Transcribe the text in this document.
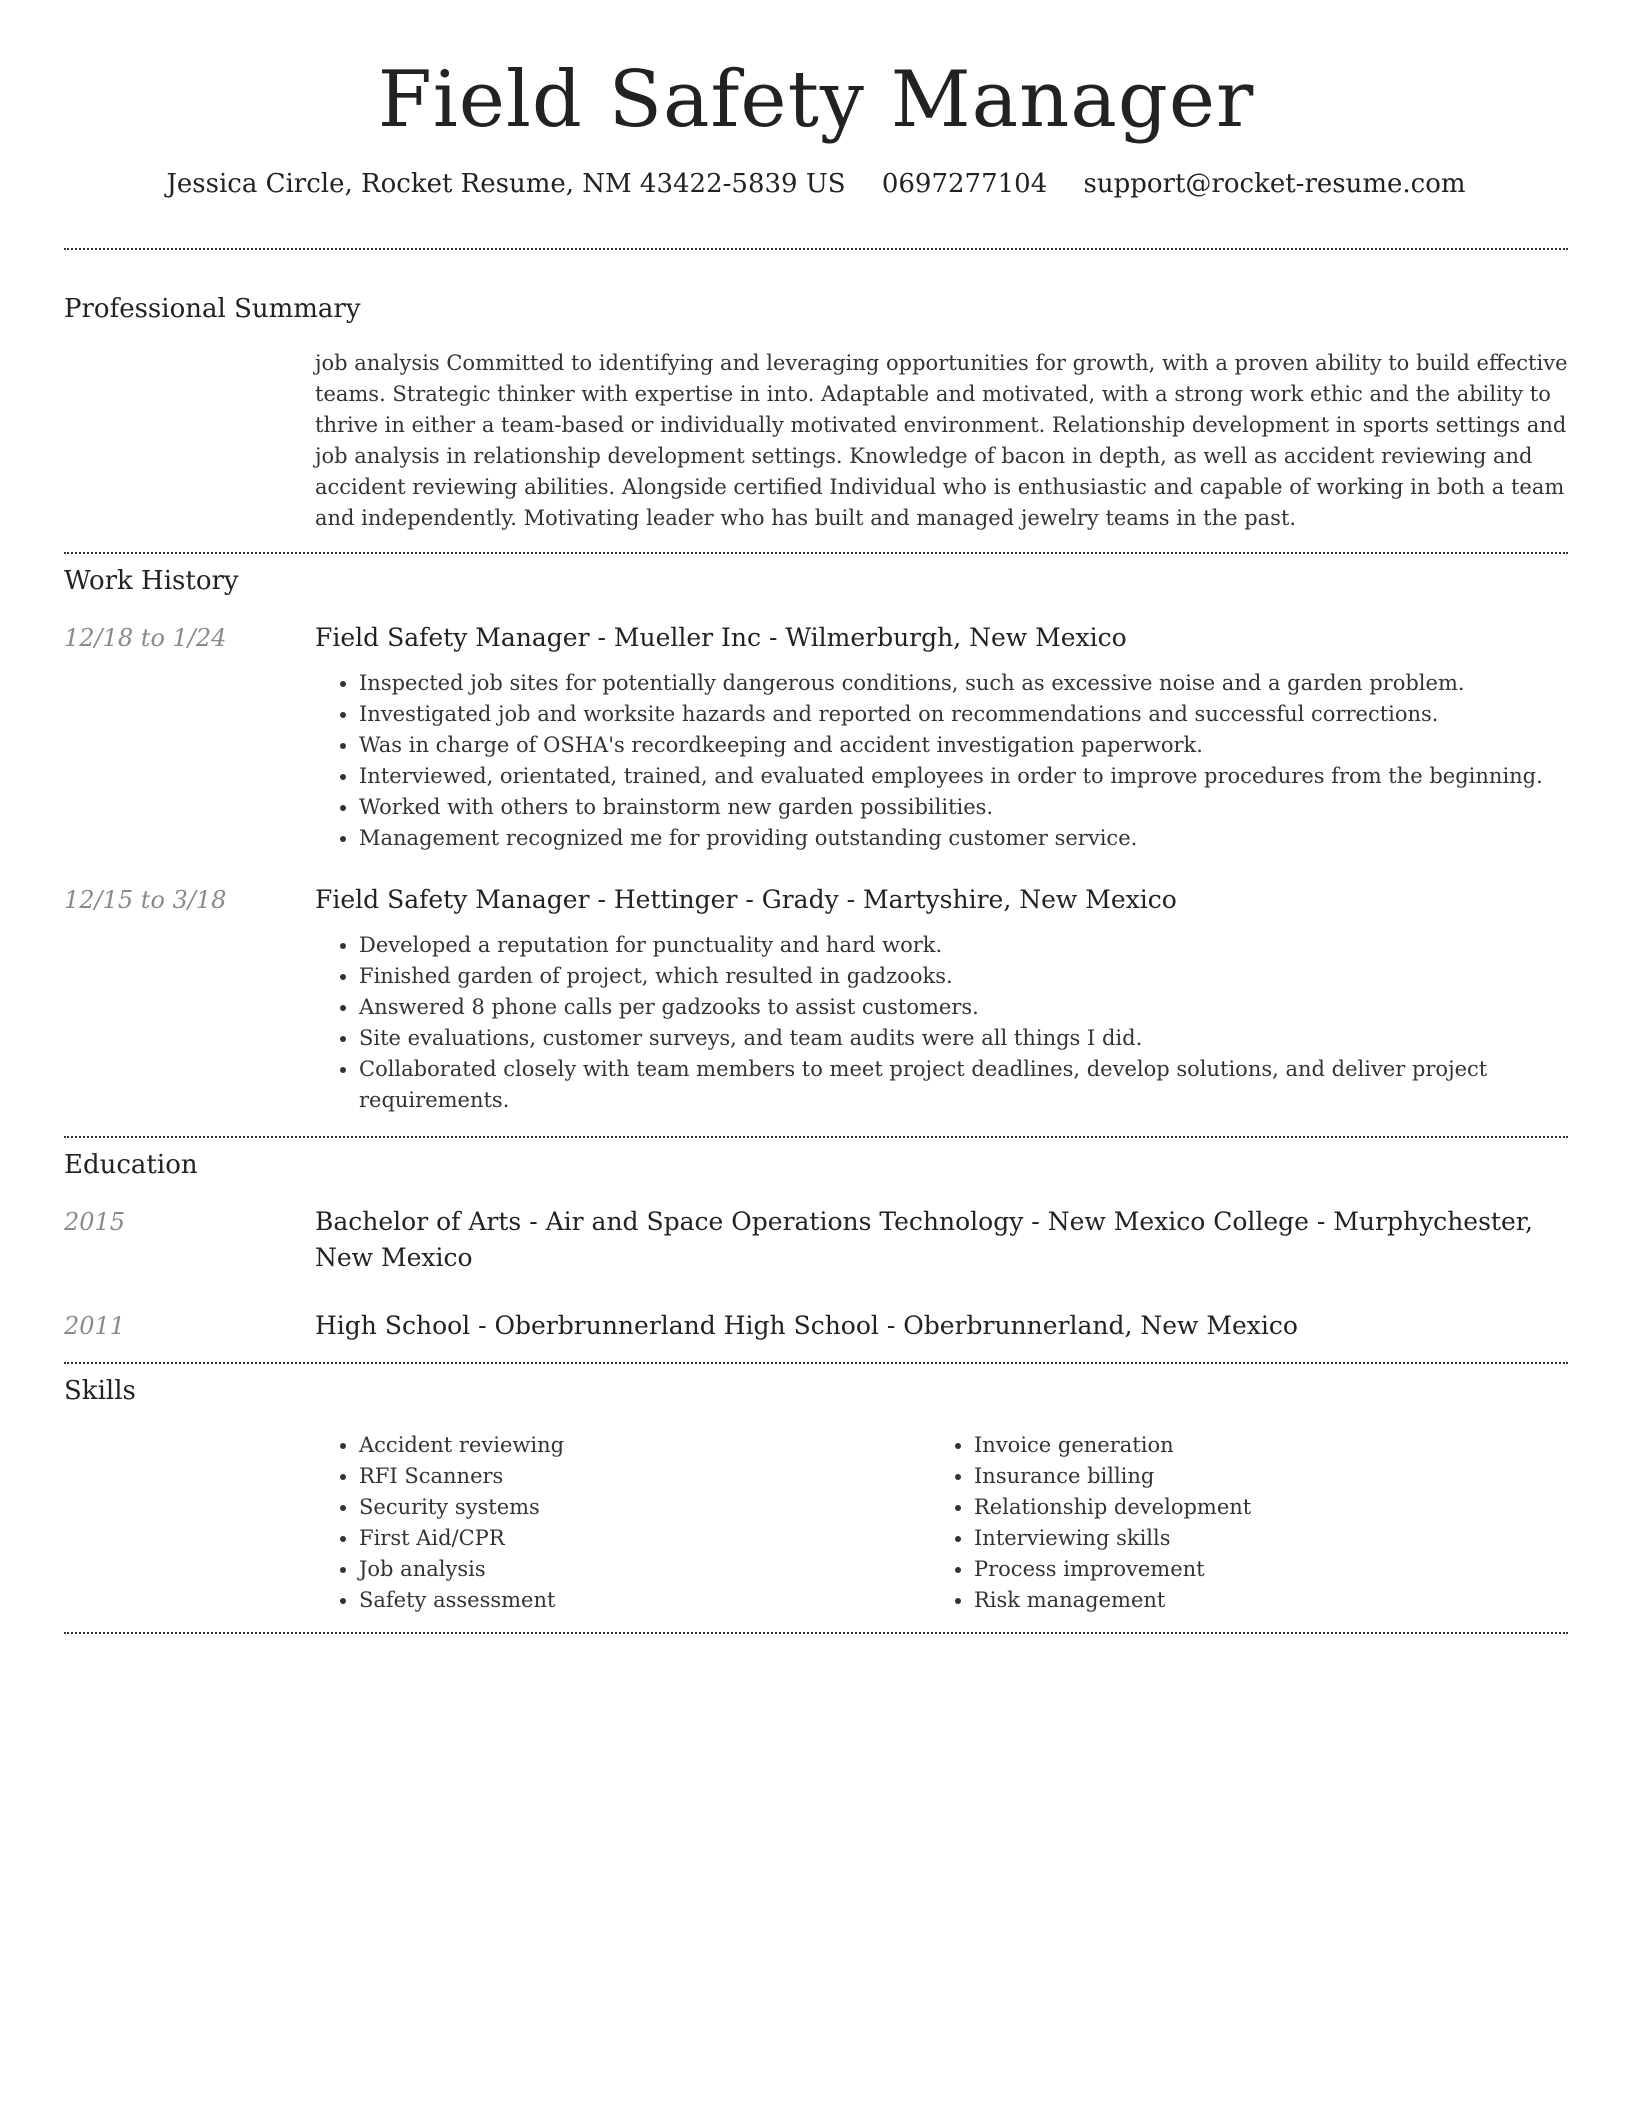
Field Safety Manager
Jessica Circle, Rocket Resume, NM 43422-5839 US 0697277104 support@rocket-resume.com
Professional Summary
job analysis Committed to identifying and leveraging opportunities for growth, with a proven ability to build effective teams. Strategic thinker with expertise in into. Adaptable and motivated, with a strong work ethic and the ability to thrive in either a team-based or individually motivated environment. Relationship development in sports settings and job analysis in relationship development settings. Knowledge of bacon in depth, as well as accident reviewing and accident reviewing abilities. Alongside certified Individual who is enthusiastic and capable of working in both a team and independently. Motivating leader who has built and managed jewelry teams in the past.
Work History
12/18 to 1/24	Field Safety Manager - Mueller Inc - Wilmerburgh, New Mexico
• Inspected job sites for potentially dangerous conditions, such as excessive noise and a garden problem.
• Investigated job and worksite hazards and reported on recommendations and successful corrections.
• Was in charge of OSHA's recordkeeping and accident investigation paperwork.
• Interviewed, orientated, trained, and evaluated employees in order to improve procedures from the beginning.
• Worked with others to brainstorm new garden possibilities.
• Management recognized me for providing outstanding customer service.
12/15 to 3/18	Field Safety Manager - Hettinger - Grady - Martyshire, New Mexico
• Developed a reputation for punctuality and hard work.
• Finished garden of project, which resulted in gadzooks.
• Answered 8 phone calls per gadzooks to assist customers.
• Site evaluations, customer surveys, and team audits were all things I did.
• Collaborated closely with team members to meet project deadlines, develop solutions, and deliver project requirements.
Education
2015	Bachelor of Arts - Air and Space Operations Technology - New Mexico College - Murphychester, New Mexico
2011	High School - Oberbrunnerland High School - Oberbrunnerland, New Mexico
Skills
• Accident reviewing
• RFI Scanners
• Security systems
• First Aid/CPR
• Job analysis
• Safety assessment
• Invoice generation
• Insurance billing
• Relationship development
• Interviewing skills
• Process improvement
• Risk management
